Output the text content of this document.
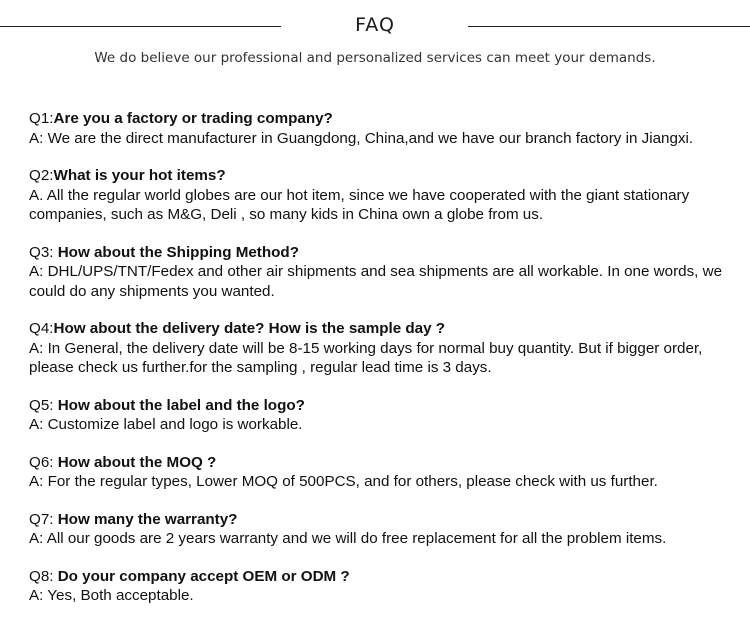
FAQ
We do believe our professional and personalized services can meet your demands.
Q1:Are you a factory or trading company?
A: We are the direct manufacturer in Guangdong, China,and we have our branch factory in Jiangxi.
Q2:What is your hot items?
A. All the regular world globes are our hot item, since we have cooperated with the giant stationary companies, such as M&G, Deli , so many kids in China own a globe from us.
Q3: How about the Shipping Method?
A: DHL/UPS/TNT/Fedex and other air shipments and sea shipments are all workable. In one words, we could do any shipments you wanted.
Q4:How about the delivery date? How is the sample day ?
A: In General, the delivery date will be 8-15 working days for normal buy quantity. But if bigger order, please check us further.for the sampling , regular lead time is 3 days.
Q5: How about the label and the logo?
A: Customize label and logo is workable.
Q6: How about the MOQ ?
A: For the regular types, Lower MOQ of 500PCS, and for others, please check with us further.
Q7: How many the warranty?
A: All our goods are 2 years warranty and we will do free replacement for all the problem items.
Q8: Do your company accept OEM or ODM ?
A: Yes, Both acceptable.
